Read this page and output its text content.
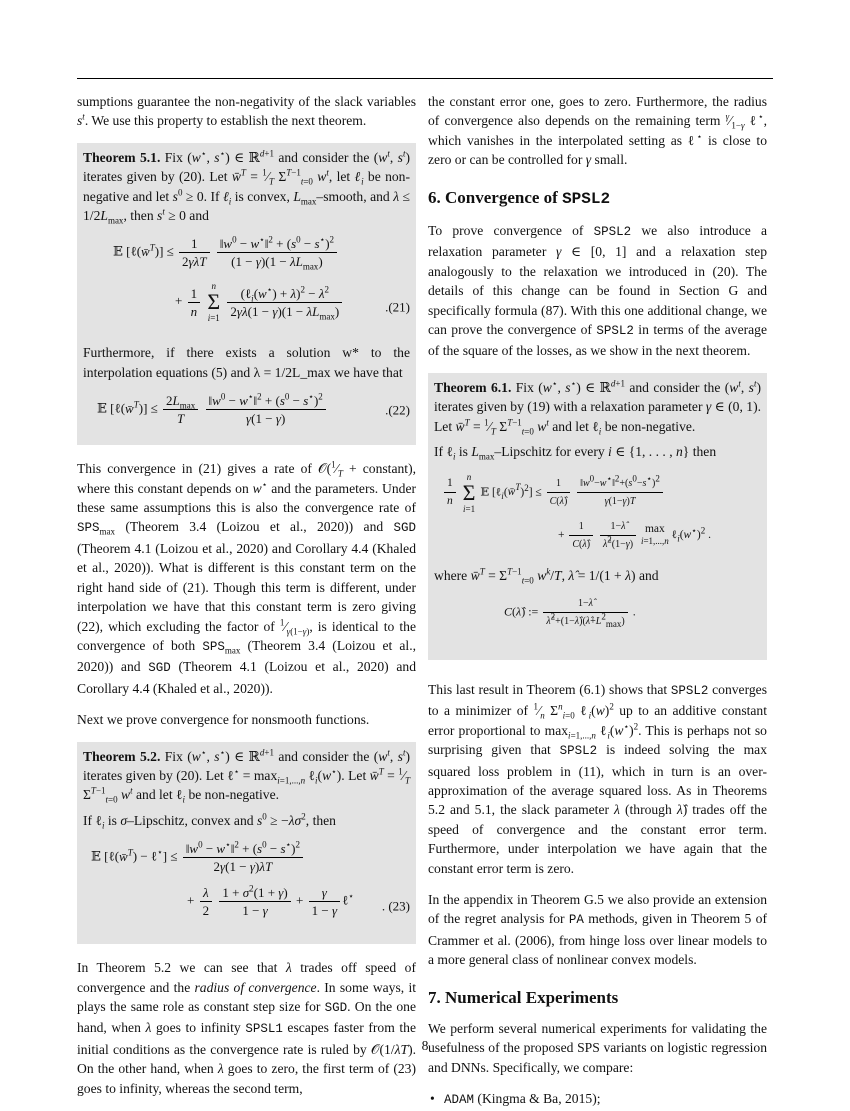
sumptions guarantee the non-negativity of the slack variables $s^t$. We use this property to establish the next theorem.

Theorem 5.1. Fix (w⋆, s⋆) ∈ ℝ$^{d+1}$ and consider the ($w^t$, $s^t$) iterates given by (20). Let w̄$^T$ = $^1⁄_T$ $\Sigma^{T-1}_{t=0}$ $w^t$, let ℓ$_i$ be non-negative and let $s^0 \ge 0$. If ℓ$_i$ is convex, $L_{max}$–smooth, and $\lambda \le 1/2L_{max}$, then $s^t \ge 0$ and

𝔼 [ℓ(w̄$^T$)] ≤ $\frac{1}{\text{2γλT}}$
$\frac{‖w^0 - w^⋆‖^2 + (s^0 - s^⋆)^2}{(1 - \gamma)(1 - \lambda L_{max})}$
+ $\frac{1}{n}$ n
Σ
$i=1 \frac{(\ell_i(w^⋆) + \lambda)^2 - \lambda^2}{2\gamma\lambda(1 - \gamma)(1 - \lambda L_{max})}$	.(21)

Furthermore, if there exists a solution w* to the interpolation equations (5) and λ = 1/2L_max we have that

𝔼 [ℓ(w̄$^T$)] ≤ $\frac{2L_{max}}{T}$
$\frac{‖w^0 - w^⋆‖^2 + (s^0 - s^⋆)^2}{\gamma(1 - \gamma)}$	.(22)

This convergence in (21) gives a rate of $𝒪(^1⁄_T$ + constant), where this constant depends on w⋆ and the parameters. Under these same assumptions this is also the convergence rate of $SPS_{max}$ (Theorem 3.4 (Loizou et al., 2020)) and SGD (Theorem 4.1 (Loizou et al., 2020) and Corollary 4.4 (Khaled et al., 2020)). What is different is this constant term on the right hand side of (21). Though this term is different, under interpolation we have that this constant term is zero giving (22), which excluding the factor of $^1⁄_{\gamma(1-\gamma)}$, is identical to the convergence of both $SPS_{max}$ (Theorem 3.4 (Loizou et al., 2020)) and SGD (Theorem 4.1 (Loizou et al., 2020) and Corollary 4.4 (Khaled et al., 2020)).

Next we prove convergence for nonsmooth functions.

Theorem 5.2. Fix (w⋆, s⋆) ∈ ℝ$^{d+1}$ and consider the ($w^t$, $s^t$) iterates given by (20). Let ℓ⋆ = $\max_{i=1,...,n}$ ℓ$_i$(w⋆). Let w̄$^T$ = $^1⁄_T$ $\Sigma^{T-1}_{t=0}$ $w^t$ and let ℓ$_i$ be non-negative.

If ℓ$_i$ is σ–Lipschitz, convex and $s^0 \ge -\lambda\sigma^2$, then

𝔼 [ℓ(w̄$^T$) − ℓ⋆] ≤ $\frac{‖w^0 - w^⋆‖^2 + (s^0 - s^⋆)^2}{2\gamma(1 - \gamma)\lambda T}$
+ $\frac{\lambda}{2}$
$\frac{1 + \sigma^2(1 + \gamma)}{1 - \gamma} + \frac{\gamma}{1 - \gamma}$ ℓ⋆
. (23)

In Theorem 5.2 we can see that λ trades off speed of convergence and the radius of convergence. In some ways, it plays the same role as constant step size for SGD. On the one hand, when λ goes to infinity SPSL1 escapes faster from the initial conditions as the convergence rate is ruled by 𝒪(1/λT). On the other hand, when λ goes to zero, the first term of (23) goes to infinity, whereas the second term,

the constant error one, goes to zero. Furthermore, the radius of convergence also depends on the remaining term $^\gamma⁄_{1-\gamma}$ ℓ⋆, which vanishes in the interpolated setting as ℓ⋆ is close to zero or can be controlled for γ small.

6. Convergence of SPSL2

To prove convergence of SPSL2 we also introduce a relaxation parameter γ ∈ [0, 1] and a relaxation step analogously to the relaxation we introduced in (20). The details of this change can be found in Section G and specifically formula (87). With this one additional change, we can prove the convergence of SPSL2 in terms of the average of the square of the losses, as we show in the next theorem.

Theorem 6.1. Fix (w⋆, s⋆) ∈ ℝ$^{d+1}$ and consider the ($w^t$, $s^t$) iterates given by (19) with a relaxation parameter γ ∈ (0, 1). Let w̄$^T$ = $^1⁄_T$ $\Sigma^{T-1}_{t=0}$ $w^t$ and let ℓ$_i$ be non-negative.

If ℓ$_i$ is $L_{max}$–Lipschitz for every i ∈ {1, . . . , n} then

$\frac{1}{n}$ n
Σ
i=1 𝔼 [ℓ$_i$(w̄$^T$)$^2$] ≤ $\frac{1}{C(\lambdâ)}$
$\frac{‖w^0-w^⋆‖^2+(s^0-s^⋆)^2}{\gamma(1-\gamma)T}$
+ $\frac{1}{C(\lambdâ)}$
$\frac{1-\lambdâ}{\lambdâ^2(1-\gamma)}$ max
i=1,...,n $\ell_i(w^⋆)^2$ .

where w̄$^T$ = $\Sigma^{T-1}_{t=0}$ $w^k/T$, λ̂ = 1/(1 + λ) and

C(λ̂) := $\frac{1-\lambdâ}{\lambdâ^2+(1-\lambdâ)(\lambdâ+L^2_{max})}$ .

This last result in Theorem (6.1) shows that SPSL2 converges to a minimizer of $^1⁄_n$ $\Sigma^n_{i=0}$ $\ell_i(w)^2$ up to an additive constant error proportional to $\max_{i=1,...,n}$ $\ell_i(w^⋆)^2$. This is perhaps not so surprising given that SPSL2 is indeed solving the max squared loss problem in (11), which in turn is an over-approximation of the average squared loss. As in Theorems 5.2 and 5.1, the slack parameter λ (through λ̂) trades off the speed of convergence and the constant error term. Furthermore, under interpolation we have again that the constant error term is zero.

In the appendix in Theorem G.5 we also provide an extension of the regret analysis for PA methods, given in Theorem 5 of Crammer et al. (2006), from hinge loss over linear models to a more general class of nonlinear convex models.

7. Numerical Experiments

We perform several numerical experiments for validating the usefulness of the proposed SPS variants on logistic regression and DNNs. Specifically, we compare:

• ADAM (Kingma & Ba, 2015);
8
